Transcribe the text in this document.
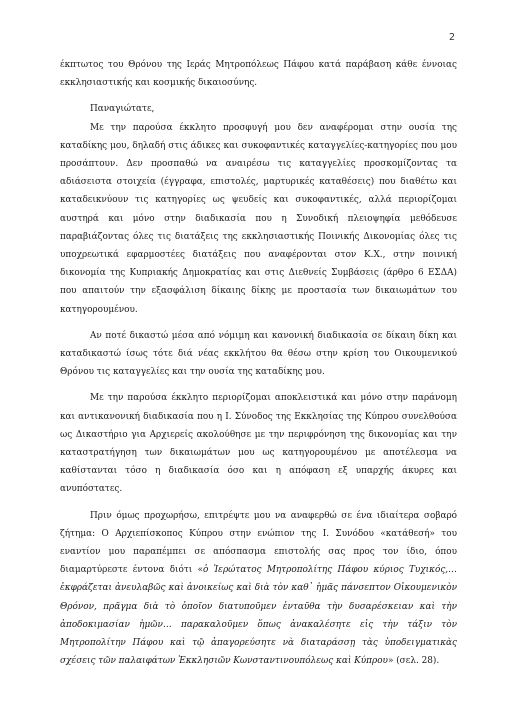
2

έκπτωτος του Θρόνου της Ιεράς Μητροπόλεως Πάφου κατά παράβαση κάθε έννοιας εκκλησιαστικής και κοσμικής δικαιοσύνης.

Παναγιώτατε,

Με την παρούσα έκκλητο προσφυγή μου δεν αναφέρομαι στην ουσία της καταδίκης μου, δηλαδή στις άδικες και συκοφαντικές καταγγελίες-κατηγορίες που μου προσάπτουν. Δεν προσπαθώ να αναιρέσω τις καταγγελίες προσκομίζοντας τα αδιάσειστα στοιχεία (έγγραφα, επιστολές, μαρτυρικές καταθέσεις) που διαθέτω και καταδεικνύουν τις κατηγορίες ως ψευδείς και συκοφαντικές, αλλά περιορίζομαι αυστηρά και μόνο στην διαδικασία που η Συνοδική πλειοψηφία μεθόδευσε παραβιάζοντας όλες τις διατάξεις της εκκλησιαστικής Ποινικής Δικονομίας όλες τις υποχρεωτικά εφαρμοστέες διατάξεις που αναφέρονται στον Κ.Χ., στην ποινική δικονομία της Κυπριακής Δημοκρατίας και στις Διεθνείς Συμβάσεις (άρθρο 6 ΕΣΔΑ) που απαιτούν την εξασφάλιση δίκαιης δίκης με προστασία των δικαιωμάτων του κατηγορουμένου.

Αν ποτέ δικαστώ μέσα από νόμιμη και κανονική διαδικασία σε δίκαιη δίκη και καταδικαστώ ίσως τότε διά νέας εκκλήτου θα θέσω στην κρίση του Οικουμενικού Θρόνου τις καταγγελίες και την ουσία της καταδίκης μου.

Με την παρούσα έκκλητο περιορίζομαι αποκλειστικά και μόνο στην παράνομη και αντικανονική διαδικασία που η Ι. Σύνοδος της Εκκλησίας της Κύπρου συνελθούσα ως Δικαστήριο για Αρχιερείς ακολούθησε με την περιφρόνηση της δικονομίας και την καταστρατήγηση των δικαιωμάτων μου ως κατηγορουμένου με αποτέλεσμα να καθίστανται τόσο η διαδικασία όσο και η απόφαση εξ υπαρχής άκυρες και ανυπόστατες.

Πριν όμως προχωρήσω, επιτρέψτε μου να αναφερθώ σε ένα ιδιαίτερα σοβαρό ζήτημα: Ο Αρχιεπίσκοπος Κύπρου στην ενώπιον της Ι. Συνόδου «κατάθεσή» του εναντίον μου παραπέμπει σε απόσπασμα επιστολής σας προς τον ίδιο, όπου διαμαρτύρεστε έντονα διότι «ὁ Ἱερώτατος Μητροπολίτης Πάφου κύριος Τυχικός,… ἐκφράζεται ἀνευλαβῶς καὶ ἀνοικείως καὶ διὰ τὸν καθ᾽ ἡμᾶς πάνσεπτον Οἰκουμενικὸν Θρόνον, πρᾶγμα διὰ τὸ ὁποῖον διατυποῦμεν ἐνταῦθα τὴν δυσαρέσκειαν καὶ τὴν ἀποδοκιμασίαν ἡμῶν… παρακαλοῦμεν ὅπως ἀνακαλέσητε εἰς τὴν τάξιν τὸν Μητροπολίτην Πάφου καὶ τῷ ἀπαγορεύσητε νὰ διαταράσσῃ τὰς ὑποδειγματικὰς σχέσεις τῶν παλαιφάτων Ἐκκλησιῶν Κωνσταντινουπόλεως καὶ Κύπρου» (σελ. 28).
